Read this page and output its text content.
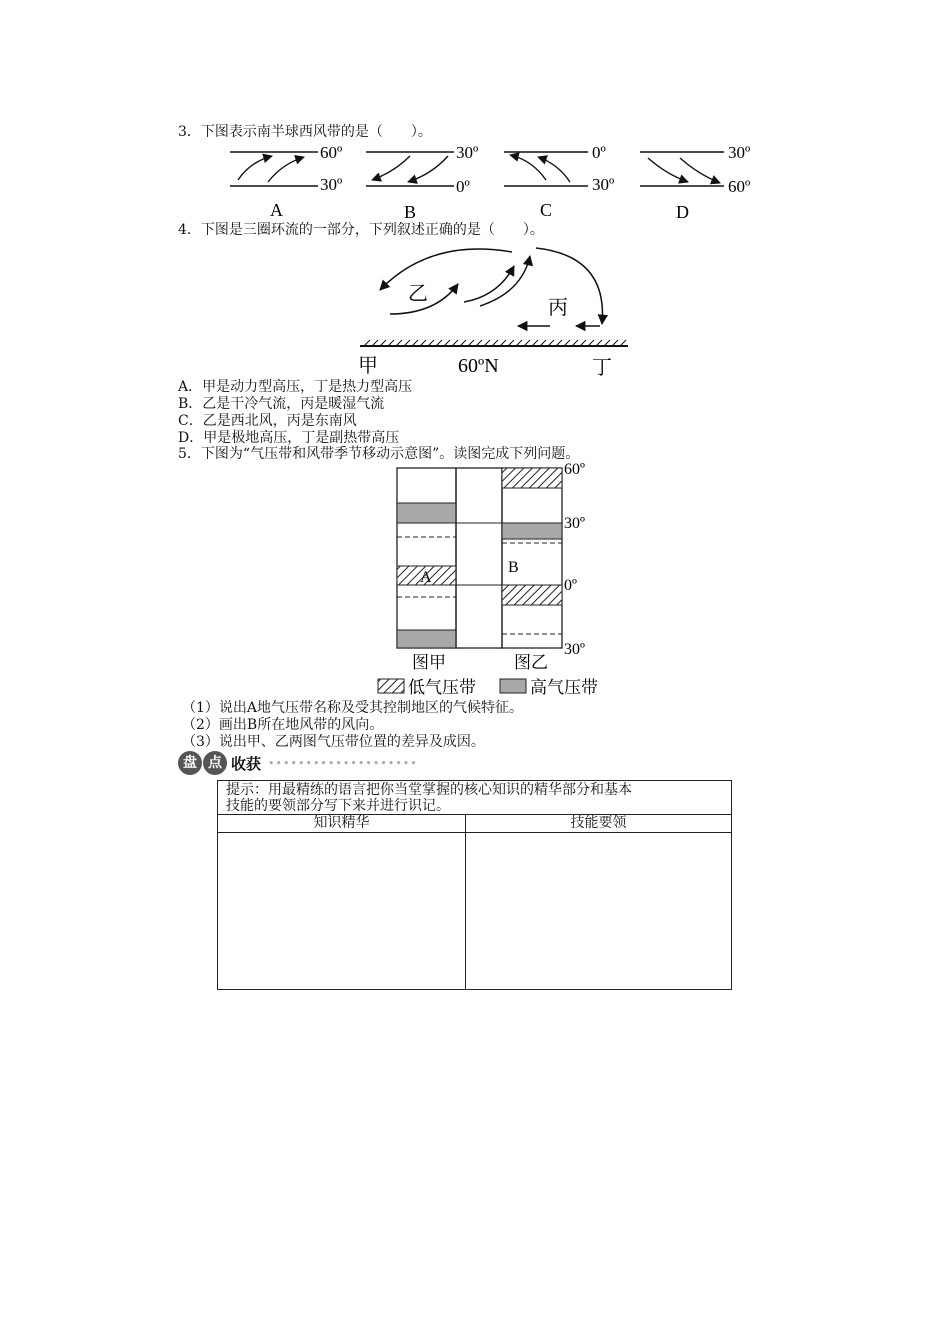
3．下图表示南半球西风带的是（　　）。
60º
30º
A
30º
0º
B
0º
30º
C
30º
60º
D
4．下图是三圈环流的一部分，下列叙述正确的是（　　）。
乙
丙
甲	60ºN	丁
A．甲是动力型高压，丁是热力型高压
B．乙是干冷气流，丙是暖湿气流
C．乙是西北风，丙是东南风
D．甲是极地高压，丁是副热带高压
5．下图为“气压带和风带季节移动示意图”。读图完成下列问题。
60º
30º
0º
30º
A
B
图甲	图乙
低气压带	高气压带
（1）说出A地气压带名称及受其控制地区的气候特征。
（2）画出B所在地风带的风向。
（3）说出甲、乙两图气压带位置的差异及成因。
盘 点 收获 ••••••••••••••••••••
提示：用最精练的语言把你当堂掌握的核心知识的精华部分和基本
技能的要领部分写下来并进行识记。
知识精华	技能要领
